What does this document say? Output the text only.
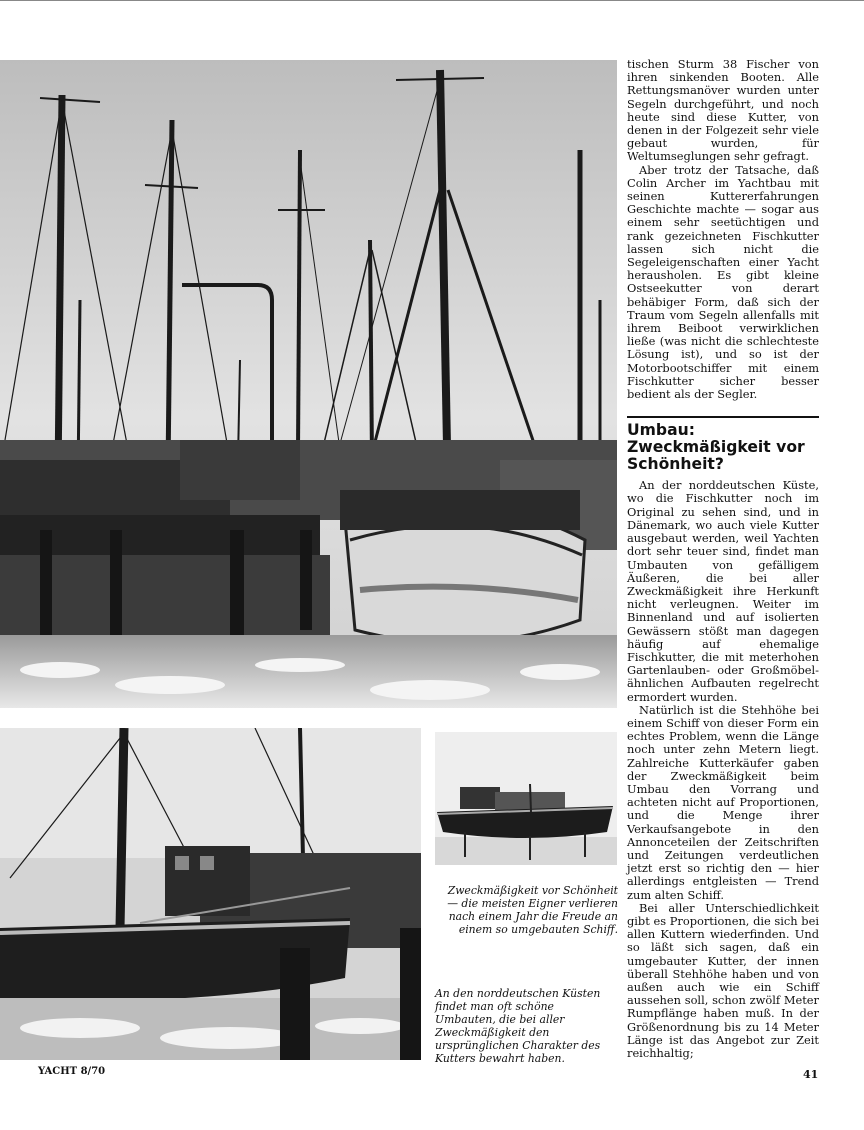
Zweckmäßigkeit vor Schönheit — die meisten Eigner verlieren nach einem Jahr die Freude an einem so umgebauten Schiff.
An den norddeutschen Küsten findet man oft schöne Umbauten, die bei aller Zweckmäßigkeit den ursprünglichen Charakter des Kutters bewahrt haben.

tischen Sturm 38 Fischer von ihren sinkenden Booten. Alle Rettungsmanöver wurden unter Segeln durchgeführt, und noch heute sind diese Kutter, von denen in der Folgezeit sehr viele gebaut wurden, für Weltumseglungen sehr gefragt.

Aber trotz der Tatsache, daß Colin Archer im Yachtbau mit seinen Kuttererfahrungen Geschichte machte — sogar aus einem sehr seetüchtigen und rank gezeichneten Fischkutter lassen sich nicht die Segeleigenschaften einer Yacht herausholen. Es gibt kleine Ostseekutter von derart behäbiger Form, daß sich der Traum vom Segeln allenfalls mit ihrem Beiboot verwirklichen ließe (was nicht die schlechteste Lösung ist), und so ist der Motorbootschiffer mit einem Fischkutter sicher besser bedient als der Segler.

Umbau: Zweckmäßigkeit vor Schönheit?

An der norddeutschen Küste, wo die Fischkutter noch im Original zu sehen sind, und in Dänemark, wo auch viele Kutter ausgebaut werden, weil Yachten dort sehr teuer sind, findet man Umbauten von gefälligem Äußeren, die bei aller Zweckmäßigkeit ihre Herkunft nicht verleugnen. Weiter im Binnenland und auf isolierten Gewässern stößt man dagegen häufig auf ehemalige Fischkutter, die mit meterhohen Gartenlauben- oder Großmöbel-ähnlichen Aufbauten regelrecht ermordert wurden.

Natürlich ist die Stehhöhe bei einem Schiff von dieser Form ein echtes Problem, wenn die Länge noch unter zehn Metern liegt. Zahlreiche Kutterkäufer gaben der Zweckmäßigkeit beim Umbau den Vorrang und achteten nicht auf Proportionen, und die Menge ihrer Verkaufsangebote in den Annonceteilen der Zeitschriften und Zeitungen verdeutlichen jetzt erst so richtig den — hier allerdings entgleisten — Trend zum alten Schiff.

Bei aller Unterschiedlichkeit gibt es Proportionen, die sich bei allen Kuttern wiederfinden. Und so läßt sich sagen, daß ein umgebauter Kutter, der innen überall Stehhöhe haben und von außen auch wie ein Schiff aussehen soll, schon zwölf Meter Rumpflänge haben muß. In der Größenordnung bis zu 14 Meter Länge ist das Angebot zur Zeit reichhaltig;

YACHT 8/70	41
